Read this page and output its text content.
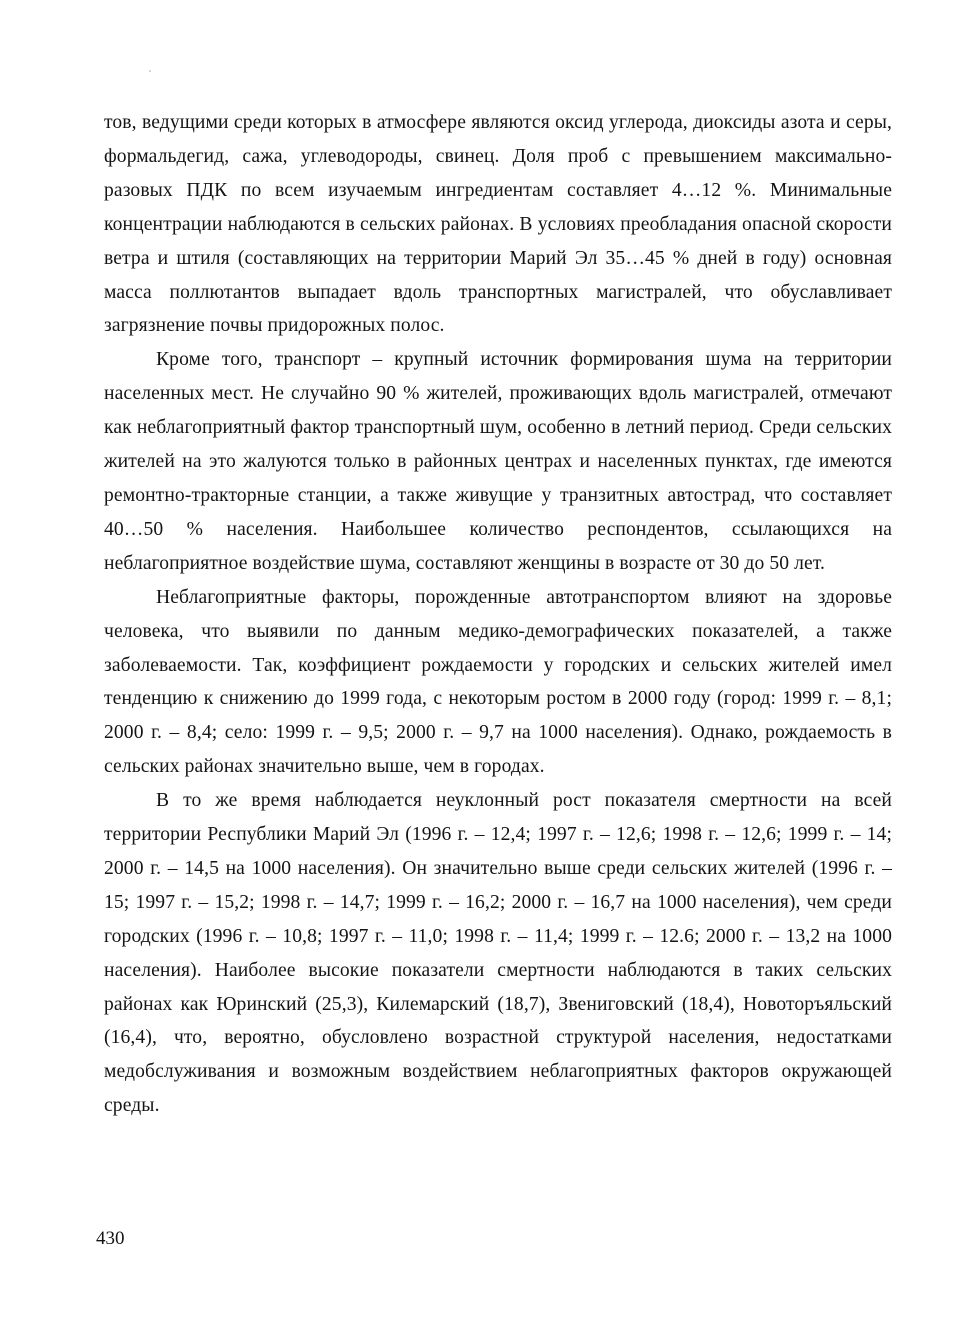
тов, ведущими среди которых в атмосфере являются оксид углерода, диоксиды азота и серы, формальдегид, сажа, углеводороды, свинец. Доля проб с превышением максимально-разовых ПДК по всем изучаемым ингредиентам составляет 4…12 %. Минимальные концентрации наблюдаются в сельских районах. В условиях преобладания опасной скорости ветра и штиля (составляющих на территории Марий Эл 35…45 % дней в году) основная масса поллютантов выпадает вдоль транспортных магистралей, что обуславливает загрязнение почвы придорожных полос.

Кроме того, транспорт – крупный источник формирования шума на территории населенных мест. Не случайно 90 % жителей, проживающих вдоль магистралей, отмечают как неблагоприятный фактор транспортный шум, особенно в летний период. Среди сельских жителей на это жалуются только в районных центрах и населенных пунктах, где имеются ремонтно-тракторные станции, а также живущие у транзитных автострад, что составляет 40…50 % населения. Наибольшее количество респондентов, ссылающихся на неблагоприятное воздействие шума, составляют женщины в возрасте от 30 до 50 лет.

Неблагоприятные факторы, порожденные автотранспортом влияют на здоровье человека, что выявили по данным медико-демографических показателей, а также заболеваемости. Так, коэффициент рождаемости у городских и сельских жителей имел тенденцию к снижению до 1999 года, с некоторым ростом в 2000 году (город: 1999 г. – 8,1; 2000 г. – 8,4; село: 1999 г. – 9,5; 2000 г. – 9,7 на 1000 населения). Однако, рождаемость в сельских районах значительно выше, чем в городах.

В то же время наблюдается неуклонный рост показателя смертности на всей территории Республики Марий Эл (1996 г. – 12,4; 1997 г. – 12,6; 1998 г. – 12,6; 1999 г. – 14; 2000 г. – 14,5 на 1000 населения). Он значительно выше среди сельских жителей (1996 г. –15; 1997 г. – 15,2; 1998 г. – 14,7; 1999 г. – 16,2; 2000 г. – 16,7 на 1000 населения), чем среди городских (1996 г. – 10,8; 1997 г. – 11,0; 1998 г. – 11,4; 1999 г. – 12.6; 2000 г. – 13,2 на 1000 населения). Наиболее высокие показатели смертности наблюдаются в таких сельских районах как Юринский (25,3), Килемарский (18,7), Звениговский (18,4), Новоторъяльский (16,4), что, вероятно, обусловлено возрастной структурой населения, недостатками медобслуживания и возможным воздействием неблагоприятных факторов окружающей среды.

430
